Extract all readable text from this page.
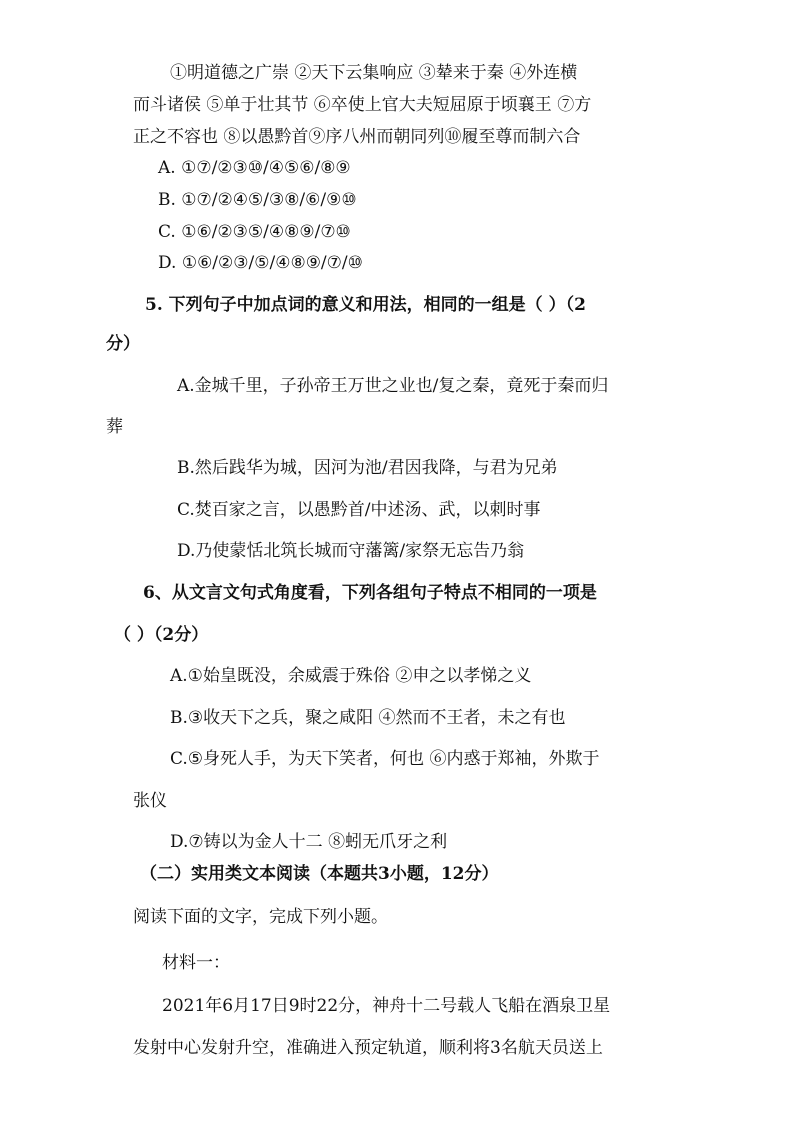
①明道德之广崇 ②天下云集响应 ③辇来于秦 ④外连横
而斗诸侯 ⑤单于壮其节 ⑥卒使上官大夫短屈原于顷襄王 ⑦方
正之不容也 ⑧以愚黔首⑨序八州而朝同列⑩履至尊而制六合
A. ①⑦/②③⑩/④⑤⑥/⑧⑨
B. ①⑦/②④⑤/③⑧/⑥/⑨⑩
C. ①⑥/②③⑤/④⑧⑨/⑦⑩
D. ①⑥/②③/⑤/④⑧⑨/⑦/⑩
5. 下列句子中加点词的意义和用法，相同的一组是（ ）（2
分）
A.金城千里，子孙帝王万世之业也/复之秦，竟死于秦而归
葬
B.然后践华为城，因河为池/君因我降，与君为兄弟
C.焚百家之言，以愚黔首/中述汤、武，以刺时事
D.乃使蒙恬北筑长城而守藩篱/家祭无忘告乃翁
6、从文言文句式角度看，下列各组句子特点不相同的一项是
（ ）（2分）
A.①始皇既没，余威震于殊俗 ②申之以孝悌之义
B.③收天下之兵，聚之咸阳 ④然而不王者，未之有也
C.⑤身死人手，为天下笑者，何也 ⑥内惑于郑袖，外欺于
张仪
D.⑦铸以为金人十二 ⑧蚓无爪牙之利
（二）实用类文本阅读（本题共3小题，12分）
阅读下面的文字，完成下列小题。
材料一：
2021年6月17日9时22分，神舟十二号载人飞船在酒泉卫星
发射中心发射升空，准确进入预定轨道，顺利将3名航天员送上
